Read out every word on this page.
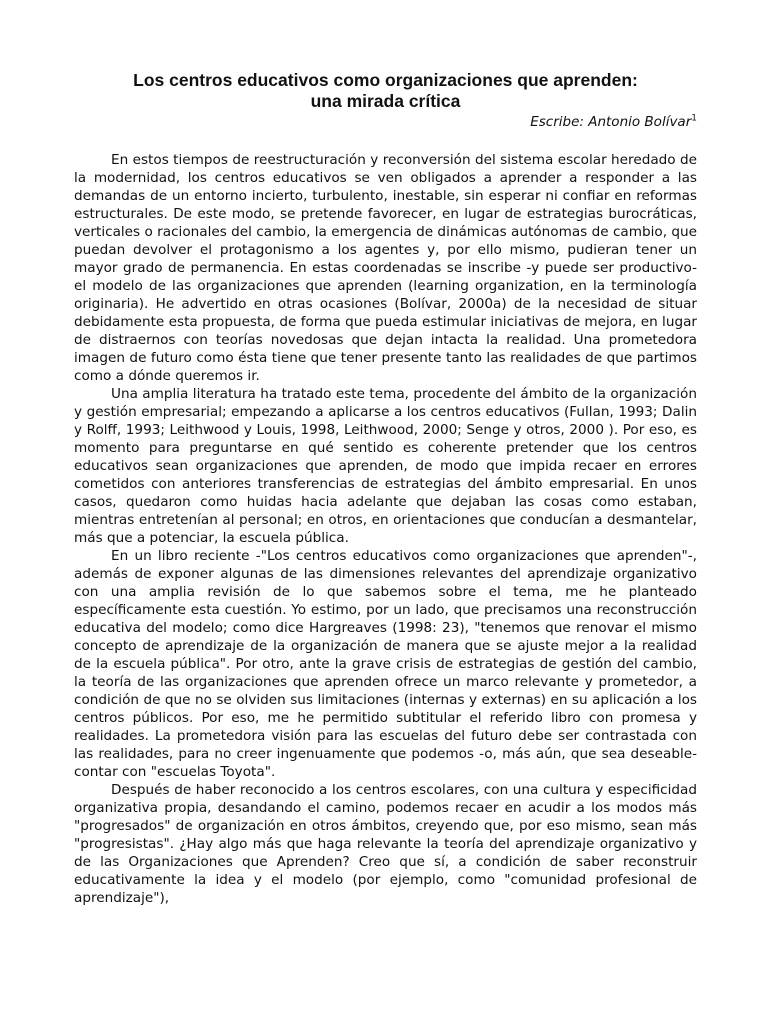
Los centros educativos como organizaciones que aprenden:
una mirada crítica
Escribe: Antonio Bolívar$^1$

En estos tiempos de reestructuración y reconversión del sistema escolar heredado de la modernidad, los centros educativos se ven obligados a aprender a responder a las demandas de un entorno incierto, turbulento, inestable, sin esperar ni confiar en reformas estructurales. De este modo, se pretende favorecer, en lugar de estrategias burocráticas, verticales o racionales del cambio, la emergencia de dinámicas autónomas de cambio, que puedan devolver el protagonismo a los agentes y, por ello mismo, pudieran tener un mayor grado de permanencia. En estas coordenadas se inscribe -y puede ser productivo- el modelo de las organizaciones que aprenden (learning organization, en la terminología originaria). He advertido en otras ocasiones (Bolívar, 2000a) de la necesidad de situar debidamente esta propuesta, de forma que pueda estimular iniciativas de mejora, en lugar de distraernos con teorías novedosas que dejan intacta la realidad. Una prometedora imagen de futuro como ésta tiene que tener presente tanto las realidades de que partimos como a dónde queremos ir.

Una amplia literatura ha tratado este tema, procedente del ámbito de la organización y gestión empresarial; empezando a aplicarse a los centros educativos (Fullan, 1993; Dalin y Rolff, 1993; Leithwood y Louis, 1998, Leithwood, 2000; Senge y otros, 2000 ). Por eso, es momento para preguntarse en qué sentido es coherente pretender que los centros educativos sean organizaciones que aprenden, de modo que impida recaer en errores cometidos con anteriores transferencias de estrategias del ámbito empresarial. En unos casos, quedaron como huidas hacia adelante que dejaban las cosas como estaban, mientras entretenían al personal; en otros, en orientaciones que conducían a desmantelar, más que a potenciar, la escuela pública.

En un libro reciente -"Los centros educativos como organizaciones que aprenden"-, además de exponer algunas de las dimensiones relevantes del aprendizaje organizativo con una amplia revisión de lo que sabemos sobre el tema, me he planteado específicamente esta cuestión. Yo estimo, por un lado, que precisamos una reconstrucción educativa del modelo; como dice Hargreaves (1998: 23), "tenemos que renovar el mismo concepto de aprendizaje de la organización de manera que se ajuste mejor a la realidad de la escuela pública". Por otro, ante la grave crisis de estrategias de gestión del cambio, la teoría de las organizaciones que aprenden ofrece un marco relevante y prometedor, a condición de que no se olviden sus limitaciones (internas y externas) en su aplicación a los centros públicos. Por eso, me he permitido subtitular el referido libro con promesa y realidades. La prometedora visión para las escuelas del futuro debe ser contrastada con las realidades, para no creer ingenuamente que podemos -o, más aún, que sea deseable- contar con "escuelas Toyota".

Después de haber reconocido a los centros escolares, con una cultura y especificidad organizativa propia, desandando el camino, podemos recaer en acudir a los modos más "progresados" de organización en otros ámbitos, creyendo que, por eso mismo, sean más "progresistas". ¿Hay algo más que haga relevante la teoría del aprendizaje organizativo y de las Organizaciones que Aprenden? Creo que sí, a condición de saber reconstruir educativamente la idea y el modelo (por ejemplo, como "comunidad profesional de aprendizaje"),
